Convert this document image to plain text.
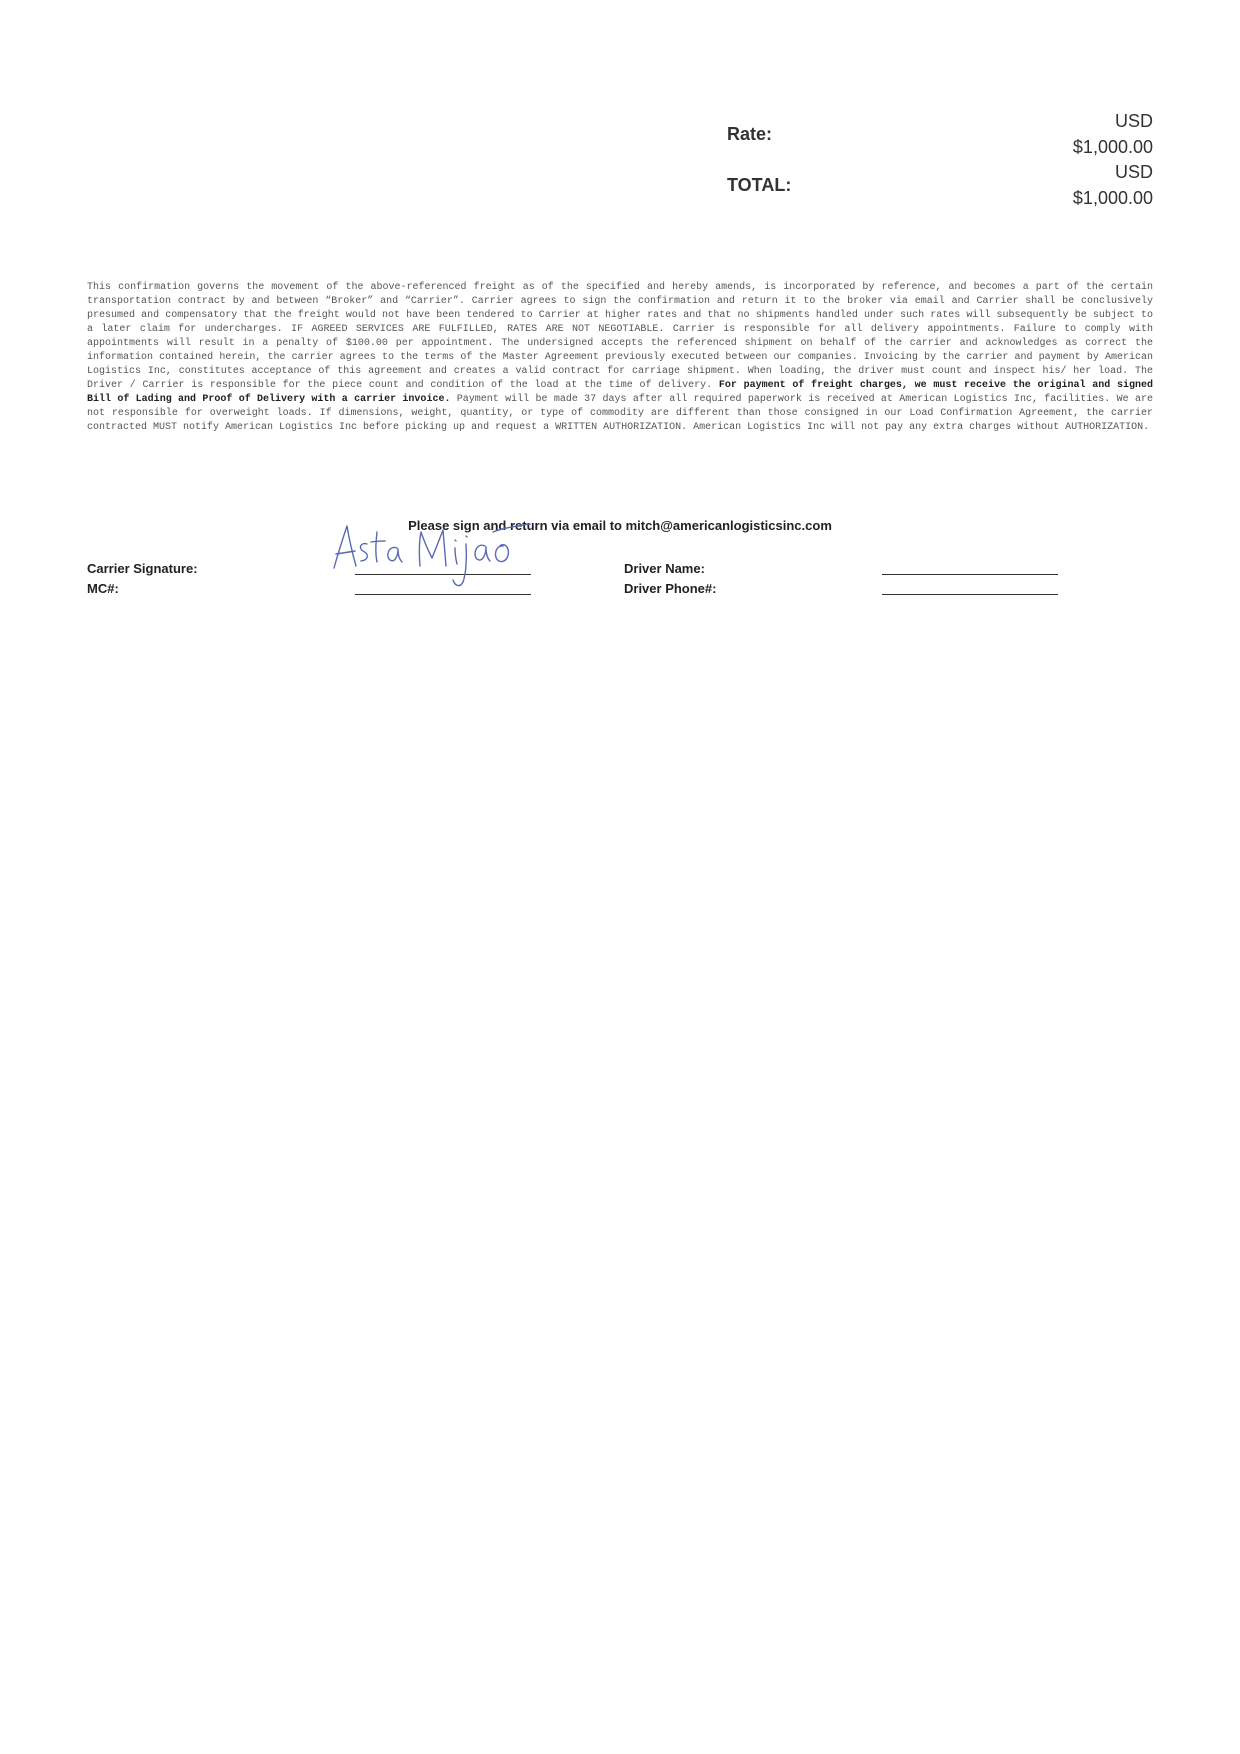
Rate:
USD
$1,000.00
TOTAL:
USD
$1,000.00
This confirmation governs the movement of the above-referenced freight as of the specified and hereby amends, is incorporated by reference, and becomes a part of the certain transportation contract by and between “Broker” and “Carrier”. Carrier agrees to sign the confirmation and return it to the broker via email and Carrier shall be conclusively presumed and compensatory that the freight would not have been tendered to Carrier at higher rates and that no shipments handled under such rates will subsequently be subject to a later claim for undercharges. IF AGREED SERVICES ARE FULFILLED, RATES ARE NOT NEGOTIABLE. Carrier is responsible for all delivery appointments. Failure to comply with appointments will result in a penalty of $100.00 per appointment. The undersigned accepts the referenced shipment on behalf of the carrier and acknowledges as correct the information contained herein, the carrier agrees to the terms of the Master Agreement previously executed between our companies. Invoicing by the carrier and payment by American Logistics Inc, constitutes acceptance of this agreement and creates a valid contract for carriage shipment. When loading, the driver must count and inspect his/ her load. The Driver / Carrier is responsible for the piece count and condition of the load at the time of delivery. For payment of freight charges, we must receive the original and signed Bill of Lading and Proof of Delivery with a carrier invoice. Payment will be made 37 days after all required paperwork is received at American Logistics Inc, facilities. We are not responsible for overweight loads. If dimensions, weight, quantity, or type of commodity are different than those consigned in our Load Confirmation Agreement, the carrier contracted MUST notify American Logistics Inc before picking up and request a WRITTEN AUTHORIZATION. American Logistics Inc will not pay any extra charges without AUTHORIZATION.
Please sign and return via email to mitch@americanlogisticsinc.com
Carrier Signature:
MC#:
Driver Name:
Driver Phone#:
